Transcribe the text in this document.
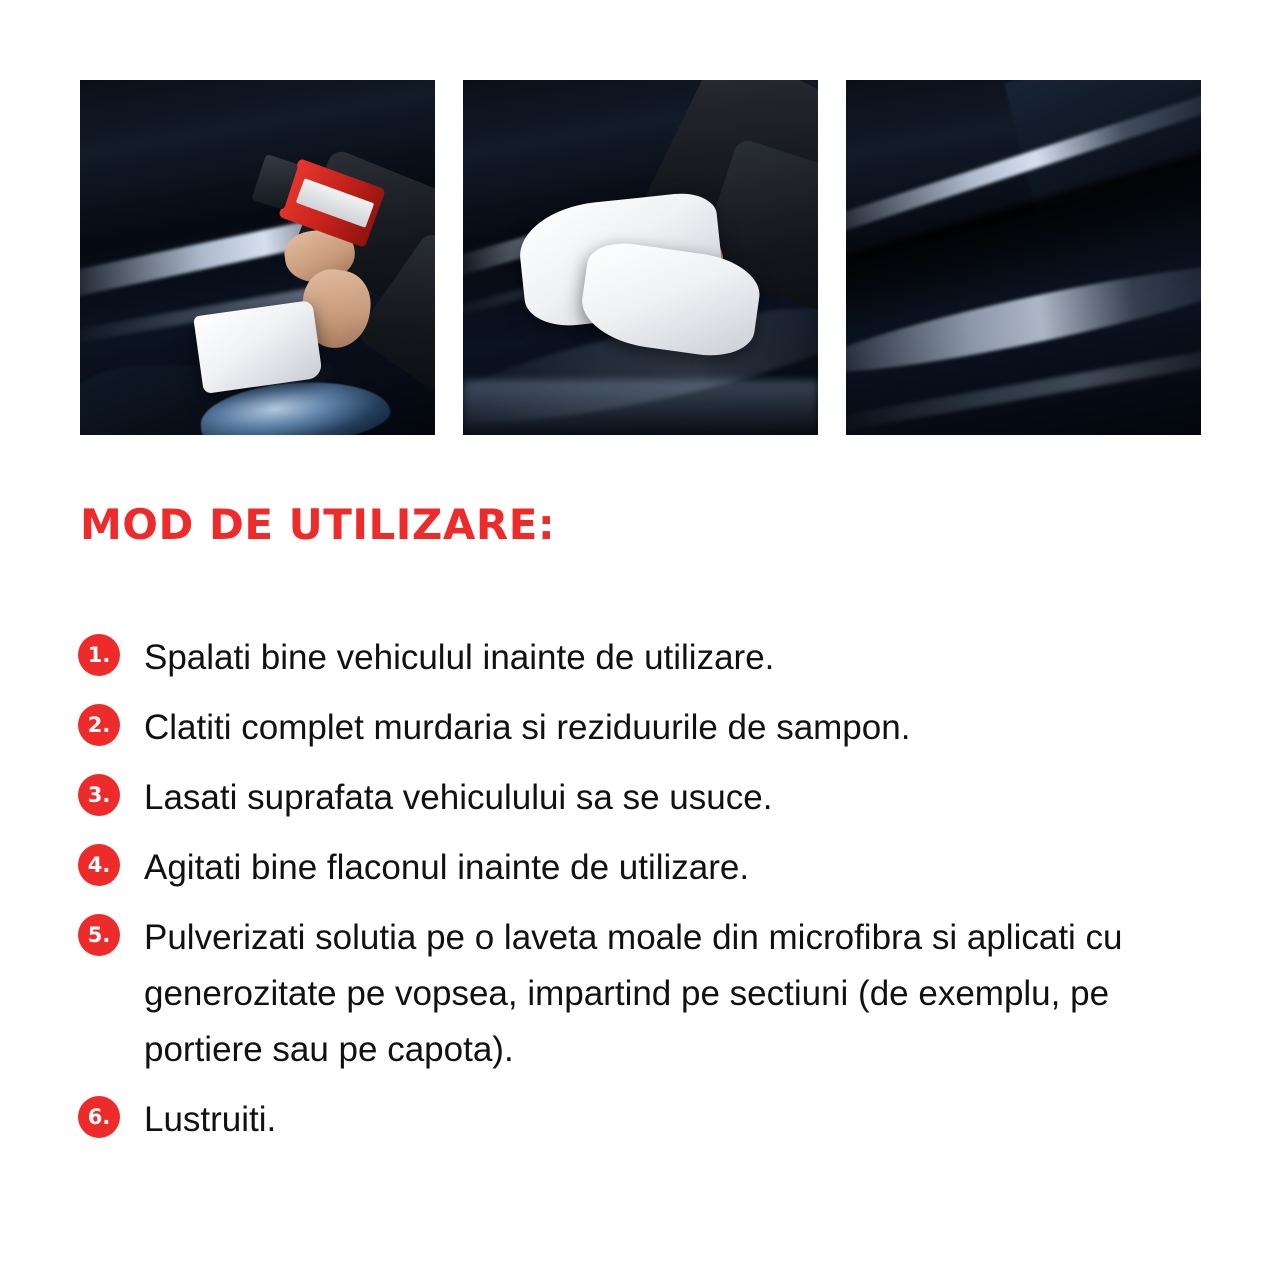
MOD DE UTILIZARE:
1. Spalati bine vehiculul inainte de utilizare.
2. Clatiti complet murdaria si reziduurile de sampon.
3. Lasati suprafata vehiculului sa se usuce.
4. Agitati bine flaconul inainte de utilizare.
5. Pulverizati solutia pe o laveta moale din microfibra si aplicati cu generozitate pe vopsea, impartind pe sectiuni (de exemplu, pe portiere sau pe capota).
6. Lustruiti.
